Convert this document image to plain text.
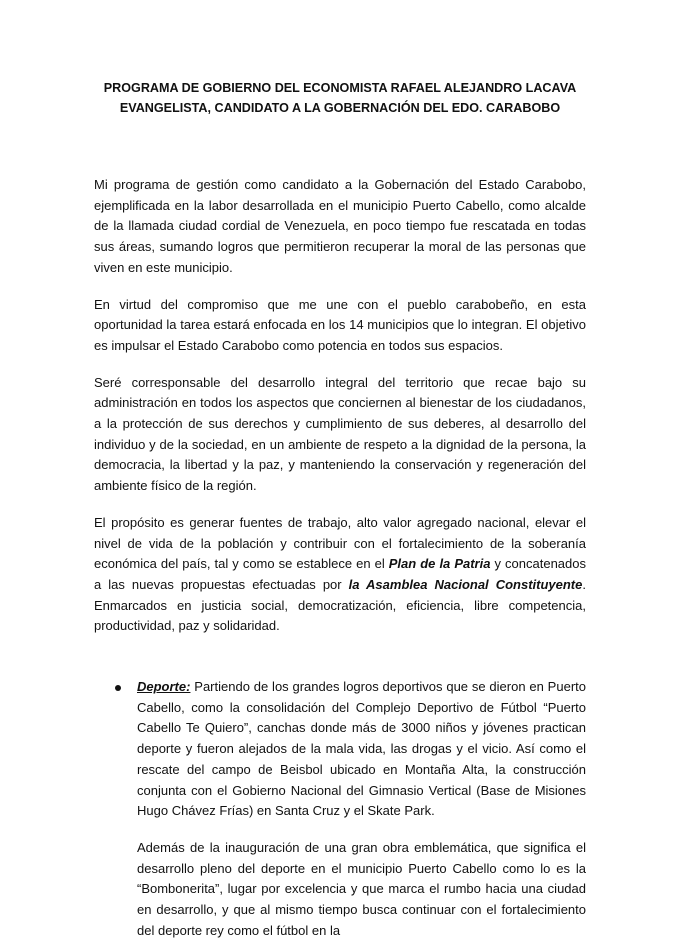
PROGRAMA DE GOBIERNO DEL ECONOMISTA RAFAEL ALEJANDRO LACAVA
EVANGELISTA, CANDIDATO A LA GOBERNACIÓN DEL EDO. CARABOBO

Mi programa de gestión como candidato a la Gobernación del Estado Carabobo, ejemplificada en la labor desarrollada en el municipio Puerto Cabello, como alcalde de la llamada ciudad cordial de Venezuela, en poco tiempo fue rescatada en todas sus áreas, sumando logros que permitieron recuperar la moral de las personas que viven en este municipio.

En virtud del compromiso que me une con el pueblo carabobeño, en esta oportunidad la tarea estará enfocada en los 14 municipios que lo integran. El objetivo es impulsar el Estado Carabobo como potencia en todos sus espacios.

Seré corresponsable del desarrollo integral del territorio que recae bajo su administración en todos los aspectos que conciernen al bienestar de los ciudadanos, a la protección de sus derechos y cumplimiento de sus deberes, al desarrollo del individuo y de la sociedad, en un ambiente de respeto a la dignidad de la persona, la democracia, la libertad y la paz, y manteniendo la conservación y regeneración del ambiente físico de la región.

El propósito es generar fuentes de trabajo, alto valor agregado nacional, elevar el nivel de vida de la población y contribuir con el fortalecimiento de la soberanía económica del país, tal y como se establece en el Plan de la Patria y concatenados a las nuevas propuestas efectuadas por la Asamblea Nacional Constituyente. Enmarcados en justicia social, democratización, eficiencia, libre competencia, productividad, paz y solidaridad.

Deporte: Partiendo de los grandes logros deportivos que se dieron en Puerto Cabello, como la consolidación del Complejo Deportivo de Fútbol “Puerto Cabello Te Quiero”, canchas donde más de 3000 niños y jóvenes practican deporte y fueron alejados de la mala vida, las drogas y el vicio. Así como el rescate del campo de Beisbol ubicado en Montaña Alta, la construcción conjunta con el Gobierno Nacional del Gimnasio Vertical (Base de Misiones Hugo Chávez Frías) en Santa Cruz y el Skate Park.

Además de la inauguración de una gran obra emblemática, que significa el desarrollo pleno del deporte en el municipio Puerto Cabello como lo es la “Bombonerita”, lugar por excelencia y que marca el rumbo hacia una ciudad en desarrollo, y que al mismo tiempo busca continuar con el fortalecimiento del deporte rey como el fútbol en la
